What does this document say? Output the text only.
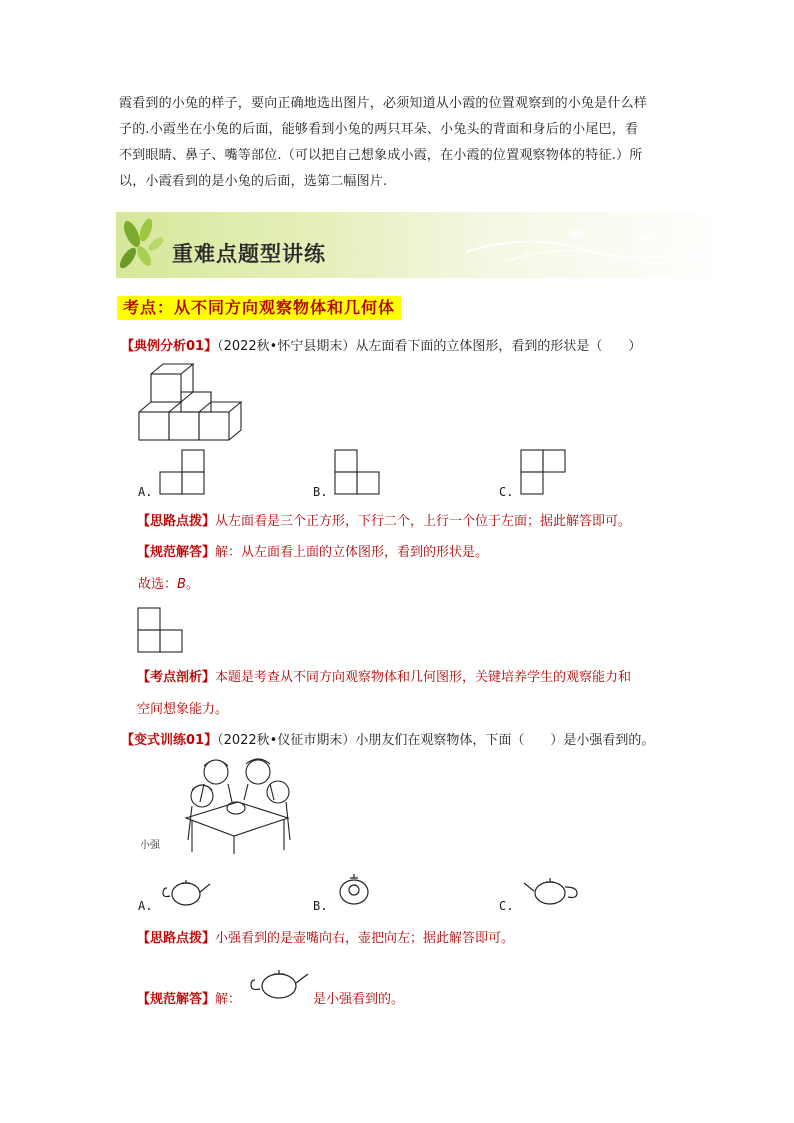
霞看到的小兔的样子，要向正确地选出图片，必须知道从小霞的位置观察到的小兔是什么样

子的.小霞坐在小兔的后面，能够看到小兔的两只耳朵、小兔头的背面和身后的小尾巴，看

不到眼睛、鼻子、嘴等部位.（可以把自己想象成小霞，在小霞的位置观察物体的特征.）所

以，小霞看到的是小兔的后面，选第二幅图片.

重难点题型讲练
考点：从不同方向观察物体和几何体
【典例分析01】（2022秋•怀宁县期末）从左面看下面的立体图形，看到的形状是（　　）
A.	B.	C.
【思路点拨】从左面看是三个正方形，下行二个，上行一个位于左面；据此解答即可。
【规范解答】解：从左面看上面的立体图形，看到的形状是。
故选：B。
【考点剖析】本题是考查从不同方向观察物体和几何图形，关键培养学生的观察能力和
空间想象能力。
【变式训练01】（2022秋•仪征市期末）小朋友们在观察物体，下面（　　）是小强看到的。
小强
A.	B.	C.
【思路点拨】小强看到的是壶嘴向右，壶把向左；据此解答即可。
【规范解答】解：	是小强看到的。
